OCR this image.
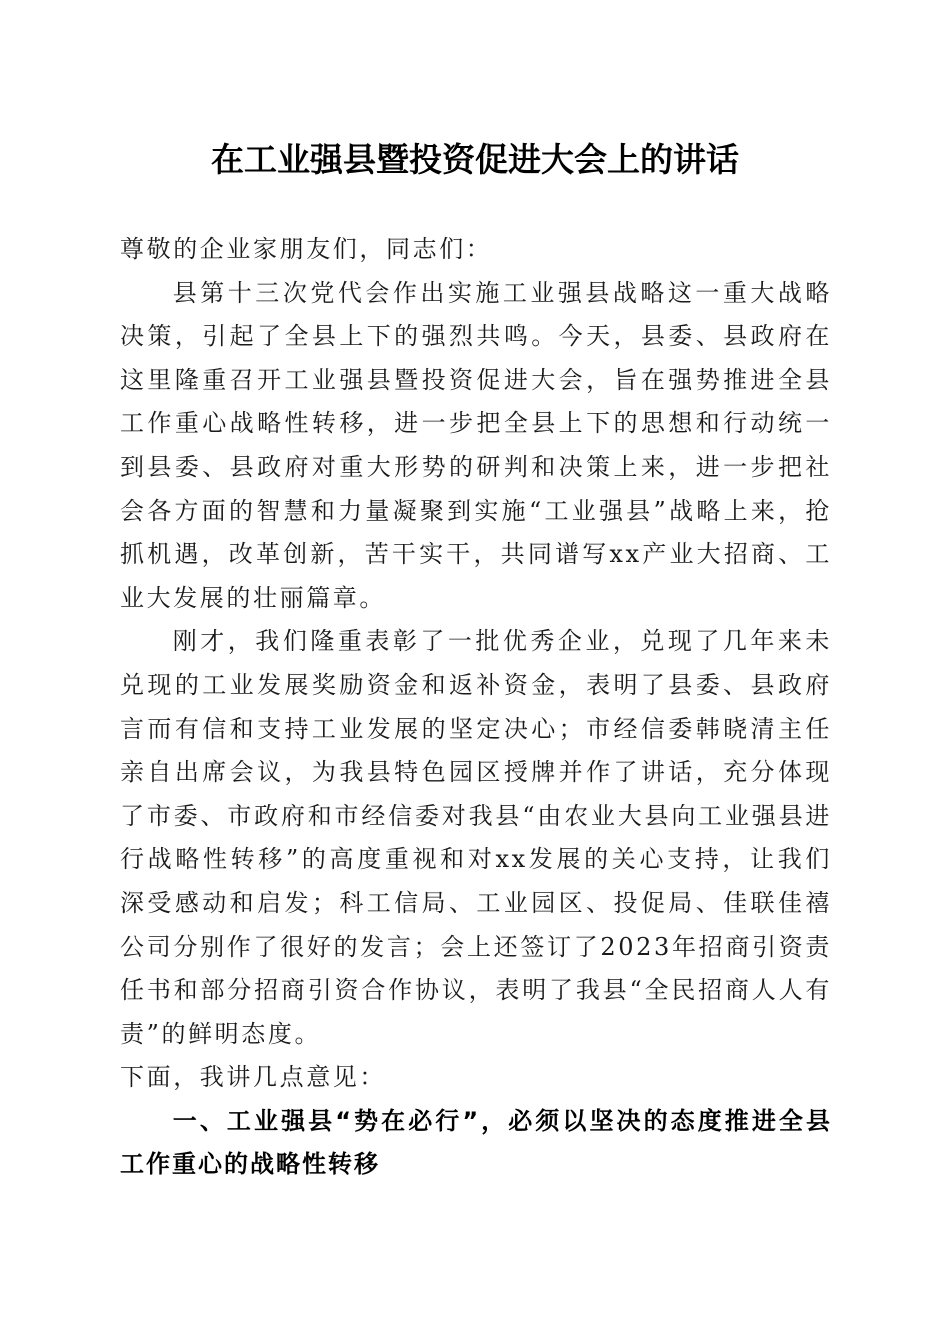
在工业强县暨投资促进大会上的讲话

尊敬的企业家朋友们，同志们：

县第十三次党代会作出实施工业强县战略这一重大战略决策，引起了全县上下的强烈共鸣。今天，县委、县政府在这里隆重召开工业强县暨投资促进大会，旨在强势推进全县工作重心战略性转移，进一步把全县上下的思想和行动统一到县委、县政府对重大形势的研判和决策上来，进一步把社会各方面的智慧和力量凝聚到实施“工业强县”战略上来，抢抓机遇，改革创新，苦干实干，共同谱写xx产业大招商、工业大发展的壮丽篇章。

刚才，我们隆重表彰了一批优秀企业，兑现了几年来未兑现的工业发展奖励资金和返补资金，表明了县委、县政府言而有信和支持工业发展的坚定决心；市经信委韩晓清主任亲自出席会议，为我县特色园区授牌并作了讲话，充分体现了市委、市政府和市经信委对我县“由农业大县向工业强县进行战略性转移”的高度重视和对xx发展的关心支持，让我们深受感动和启发；科工信局、工业园区、投促局、佳联佳禧公司分别作了很好的发言；会上还签订了2023年招商引资责任书和部分招商引资合作协议，表明了我县“全民招商人人有责”的鲜明态度。

下面，我讲几点意见：

一、工业强县“势在必行”，必须以坚决的态度推进全县工作重心的战略性转移
